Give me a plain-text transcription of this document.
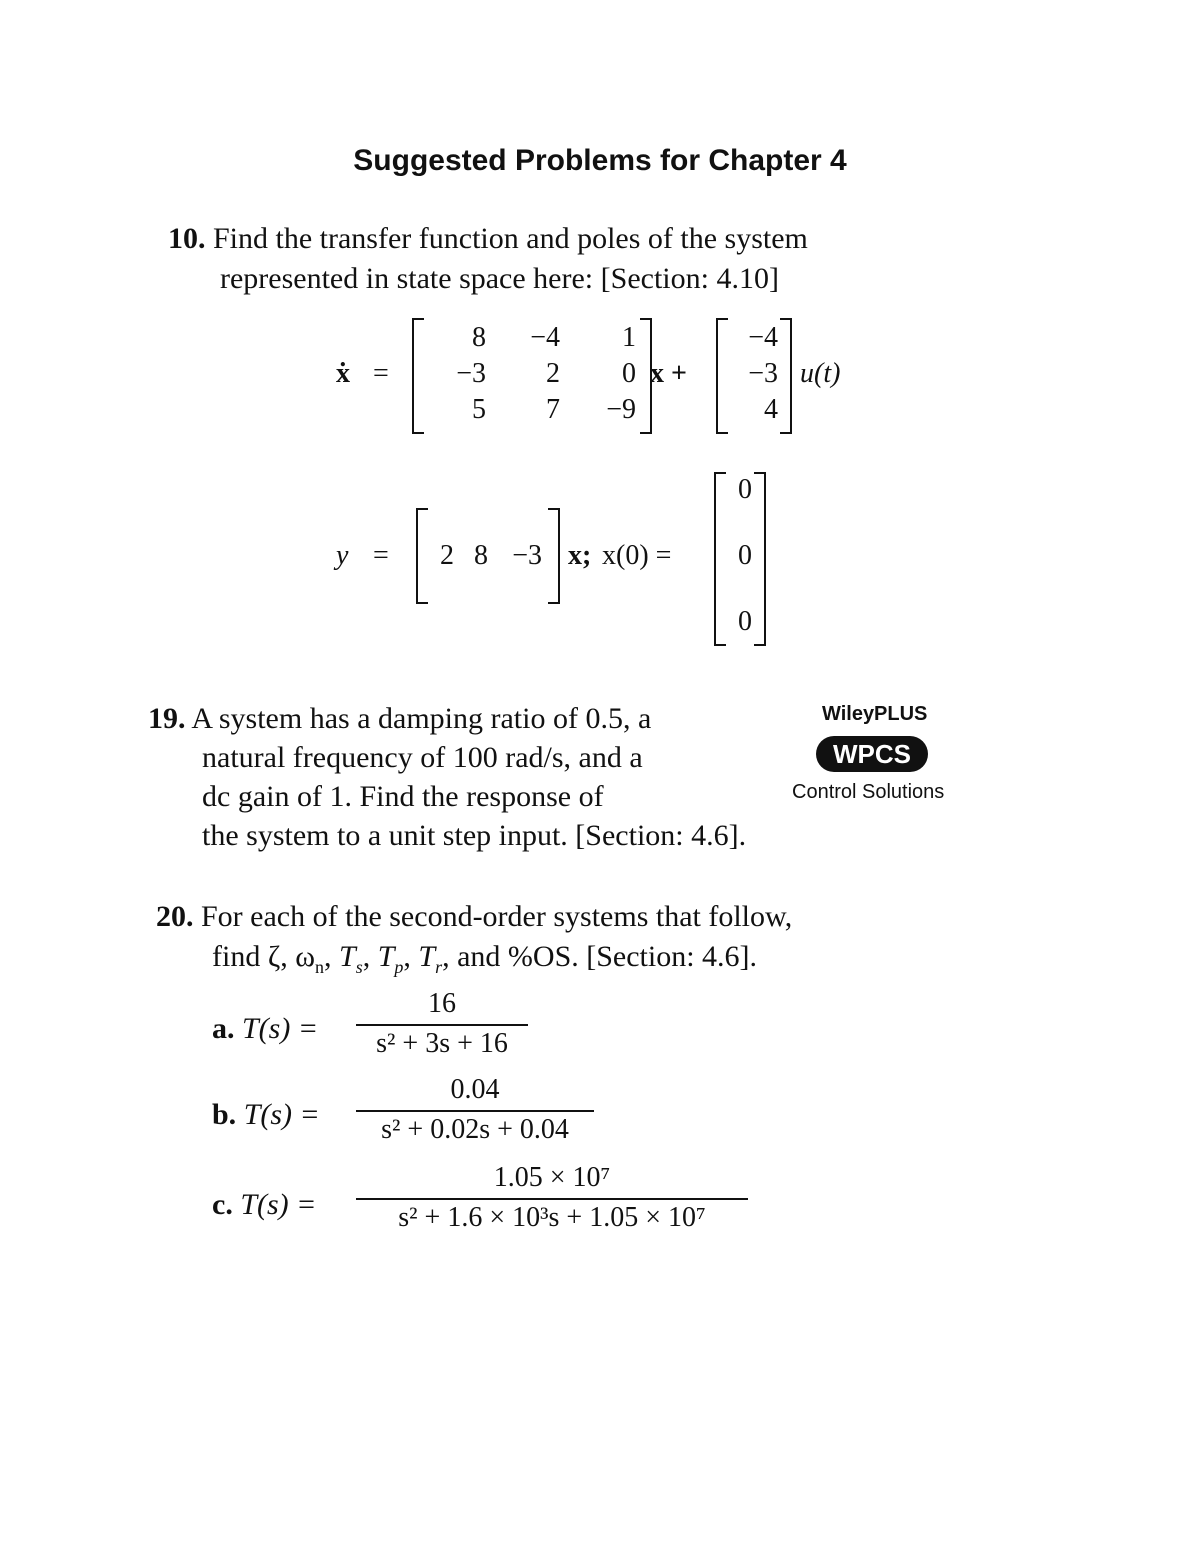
Suggested Problems for Chapter 4
10. Find the transfer function and poles of the system
represented in state space here: [Section: 4.10]
ẋ =
8	−4	1
−3	2	0
5	7	−9
x +
−4
−3
4
u(t)
y =	2 8 −3 x; x(0) =
0
0
0
19. A system has a damping ratio of 0.5, a
natural frequency of 100 rad/s, and a
dc gain of 1. Find the response of
the system to a unit step input. [Section: 4.6].
WileyPLUS
WPCS
Control Solutions
20. For each of the second-order systems that follow,
find ζ, $\omega_n$, $T_s$, $T_p$, $T_r$, and %OS. [Section: 4.6].
a. T(s) =
16
s² + 3s + 16
b. T(s) =
0.04
s² + 0.02s + 0.04
c. T(s) =
1.05 × 10⁷
s² + 1.6 × 10³s + 1.05 × 10⁷
